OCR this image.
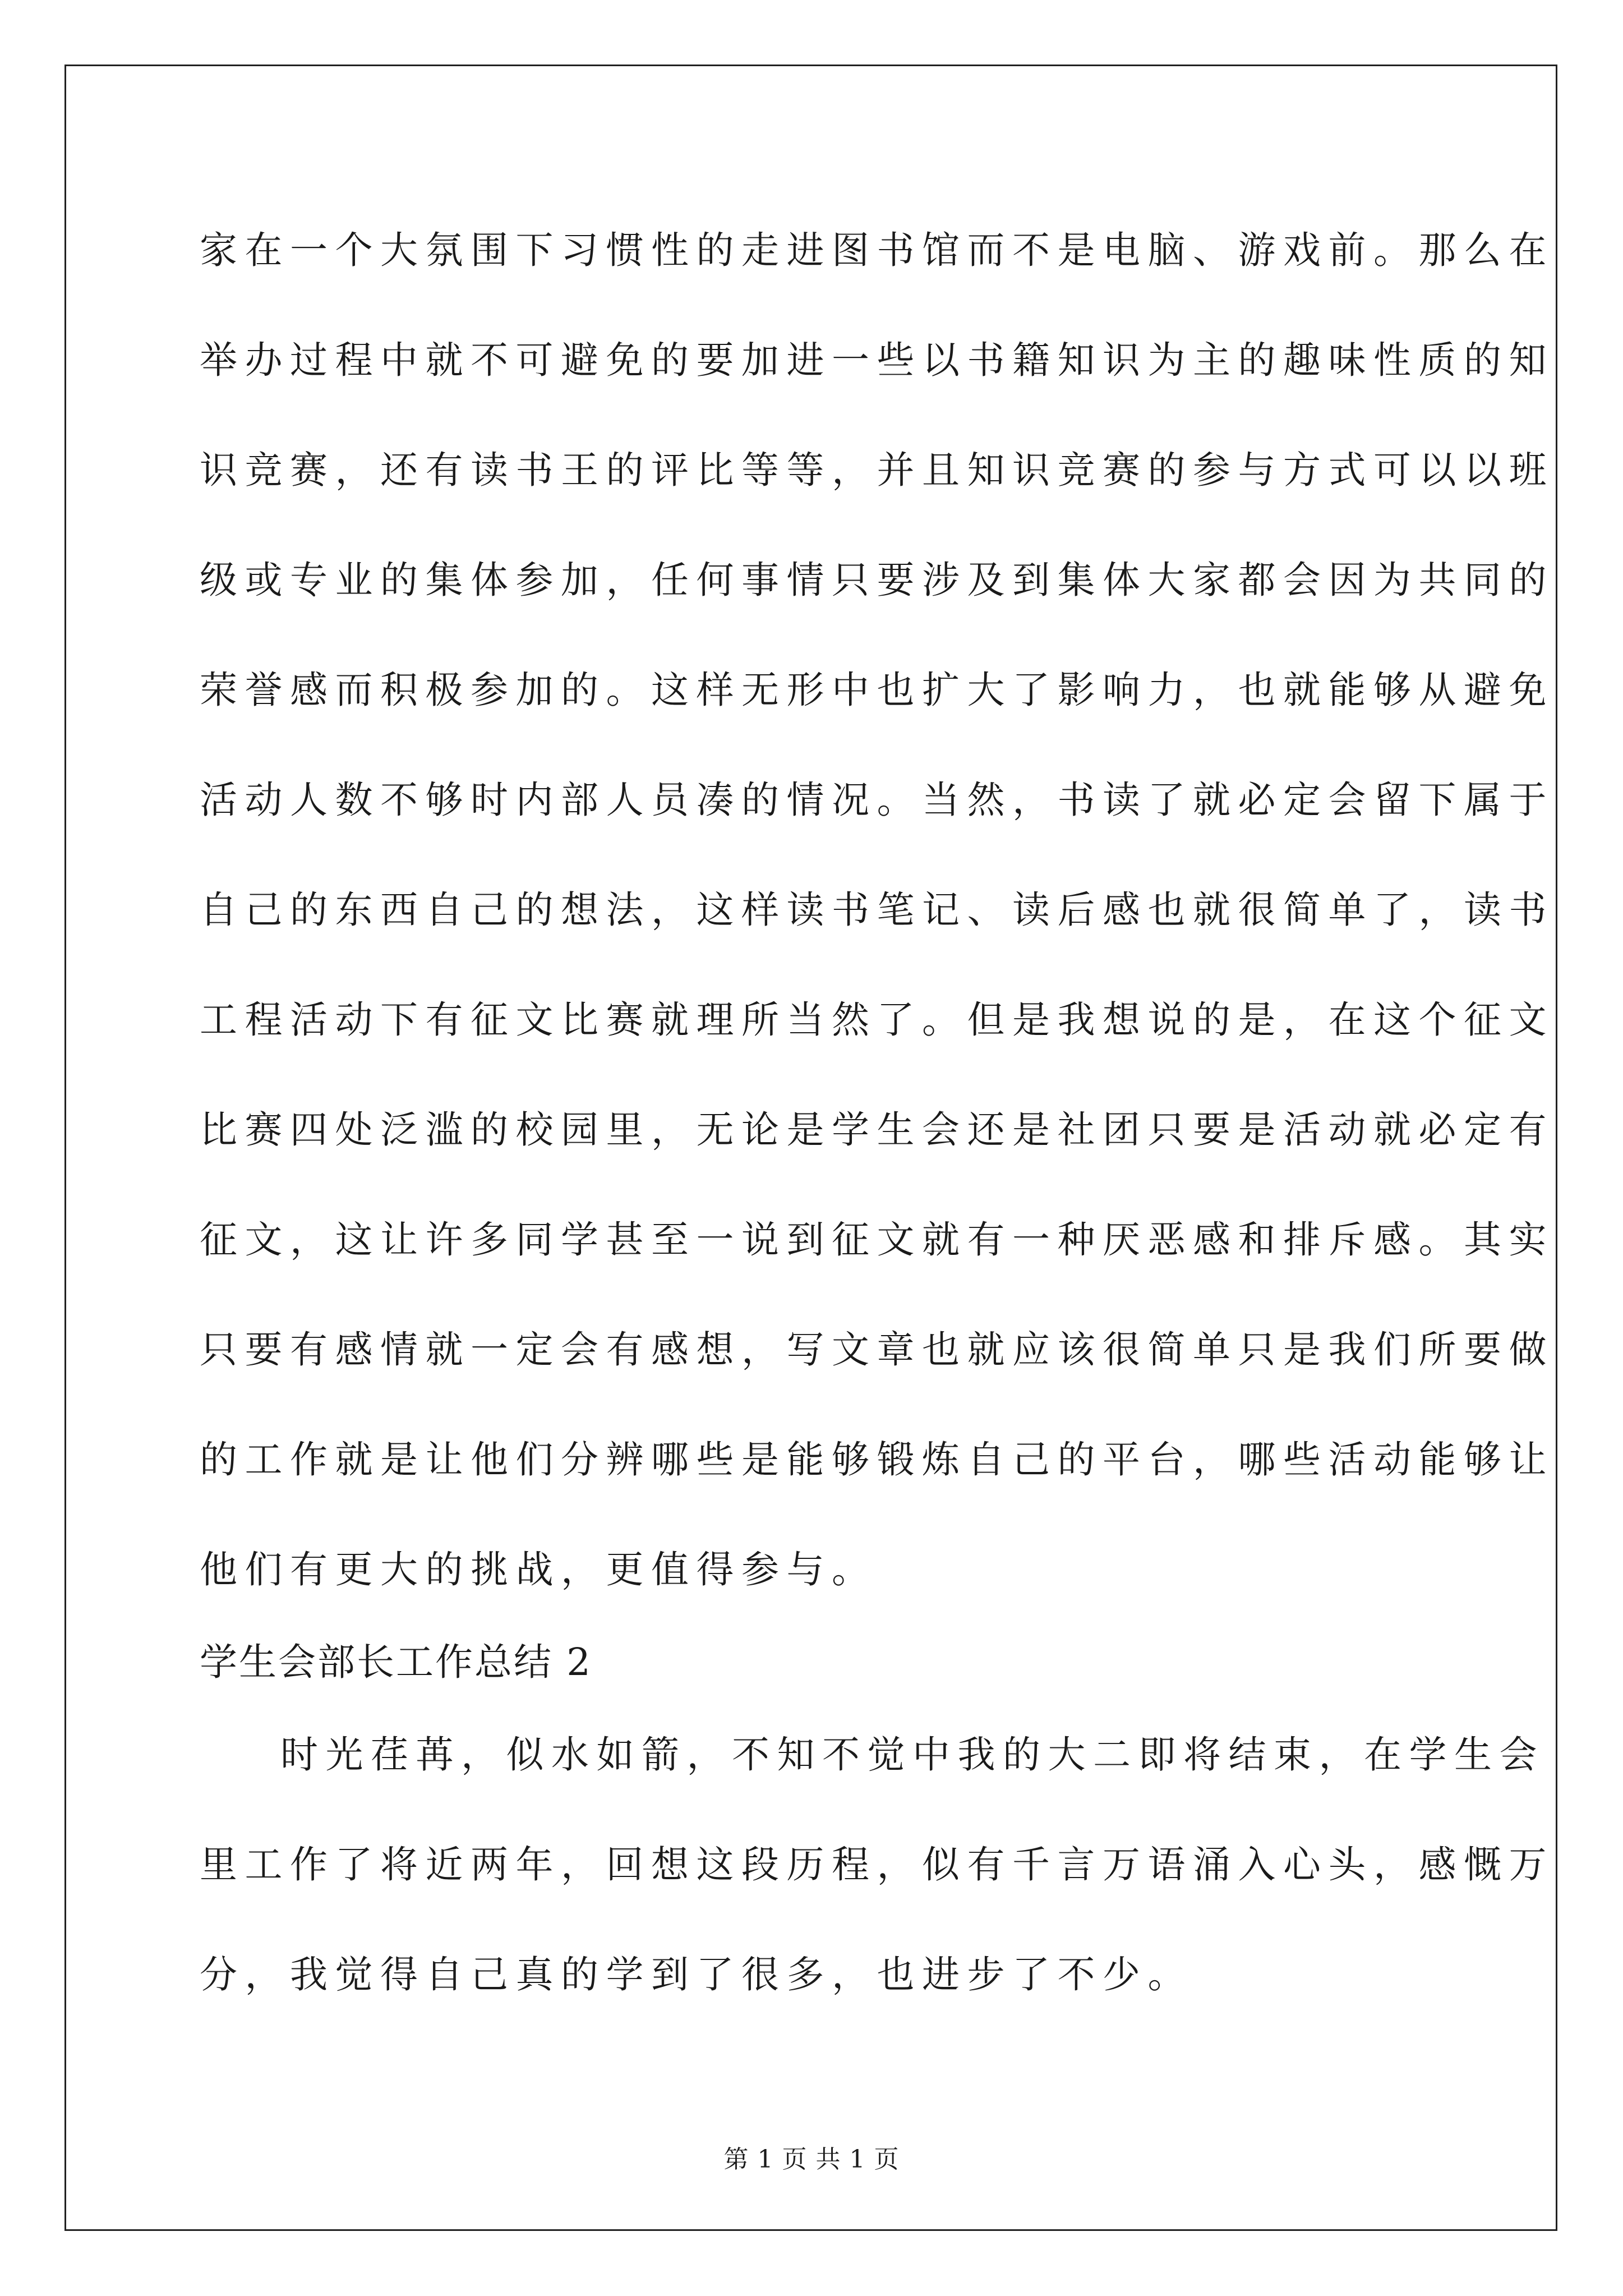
家在一个大氛围下习惯性的走进图书馆而不是电脑、游戏前。那么在
举办过程中就不可避免的要加进一些以书籍知识为主的趣味性质的知
识竞赛，还有读书王的评比等等，并且知识竞赛的参与方式可以以班
级或专业的集体参加，任何事情只要涉及到集体大家都会因为共同的
荣誉感而积极参加的。这样无形中也扩大了影响力，也就能够从避免
活动人数不够时内部人员凑的情况。当然，书读了就必定会留下属于
自己的东西自己的想法，这样读书笔记、读后感也就很简单了，读书
工程活动下有征文比赛就理所当然了。但是我想说的是，在这个征文
比赛四处泛滥的校园里，无论是学生会还是社团只要是活动就必定有
征文，这让许多同学甚至一说到征文就有一种厌恶感和排斥感。其实
只要有感情就一定会有感想，写文章也就应该很简单只是我们所要做
的工作就是让他们分辨哪些是能够锻炼自己的平台，哪些活动能够让
他们有更大的挑战，更值得参与。
学生会部长工作总结 2
时光荏苒，似水如箭，不知不觉中我的大二即将结束，在学生会
里工作了将近两年，回想这段历程，似有千言万语涌入心头，感慨万
分，我觉得自己真的学到了很多，也进步了不少。
第 1 页 共 1 页
